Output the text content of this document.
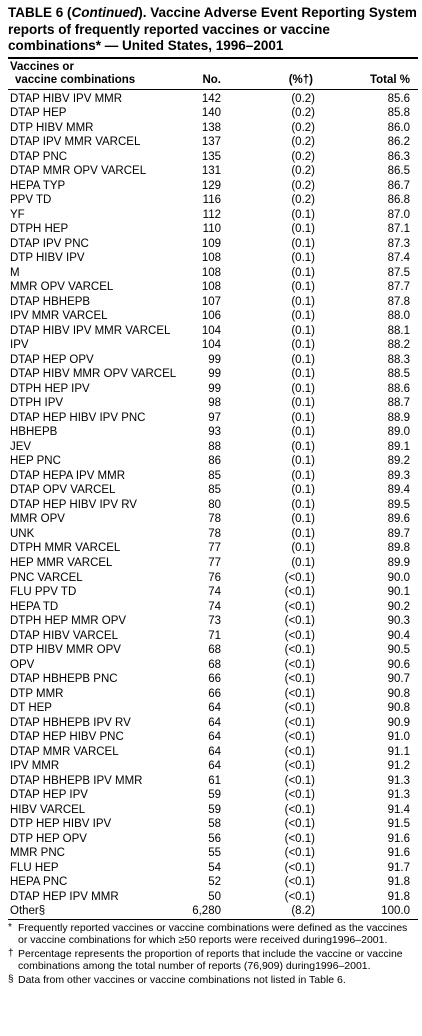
TABLE 6 (Continued). Vaccine Adverse Event Reporting System reports of frequently reported vaccines or vaccine combinations* — United States, 1996–2001
Vaccines or
vaccine combinations	No.	(%†)	Total %
DTAP HIBV IPV MMR	142	(0.2)	85.6
DTAP HEP	140	(0.2)	85.8
DTP HIBV MMR	138	(0.2)	86.0
DTAP IPV MMR VARCEL	137	(0.2)	86.2
DTAP PNC	135	(0.2)	86.3
DTAP MMR OPV VARCEL	131	(0.2)	86.5
HEPA TYP	129	(0.2)	86.7
PPV TD	116	(0.2)	86.8
YF	112	(0.1)	87.0
DTPH HEP	110	(0.1)	87.1
DTAP IPV PNC	109	(0.1)	87.3
DTP HIBV IPV	108	(0.1)	87.4
M	108	(0.1)	87.5
MMR OPV VARCEL	108	(0.1)	87.7
DTAP HBHEPB	107	(0.1)	87.8
IPV MMR VARCEL	106	(0.1)	88.0
DTAP HIBV IPV MMR VARCEL	104	(0.1)	88.1
IPV	104	(0.1)	88.2
DTAP HEP OPV	99	(0.1)	88.3
DTAP HIBV MMR OPV VARCEL	99	(0.1)	88.5
DTPH HEP IPV	99	(0.1)	88.6
DTPH IPV	98	(0.1)	88.7
DTAP HEP HIBV IPV PNC	97	(0.1)	88.9
HBHEPB	93	(0.1)	89.0
JEV	88	(0.1)	89.1
HEP PNC	86	(0.1)	89.2
DTAP HEPA IPV MMR	85	(0.1)	89.3
DTAP OPV VARCEL	85	(0.1)	89.4
DTAP HEP HIBV IPV RV	80	(0.1)	89.5
MMR OPV	78	(0.1)	89.6
UNK	78	(0.1)	89.7
DTPH MMR VARCEL	77	(0.1)	89.8
HEP MMR VARCEL	77	(0.1)	89.9
PNC VARCEL	76	(<0.1)	90.0
FLU PPV TD	74	(<0.1)	90.1
HEPA TD	74	(<0.1)	90.2
DTPH HEP MMR OPV	73	(<0.1)	90.3
DTAP HIBV VARCEL	71	(<0.1)	90.4
DTP HIBV MMR OPV	68	(<0.1)	90.5
OPV	68	(<0.1)	90.6
DTAP HBHEPB PNC	66	(<0.1)	90.7
DTP MMR	66	(<0.1)	90.8
DT HEP	64	(<0.1)	90.8
DTAP HBHEPB IPV RV	64	(<0.1)	90.9
DTAP HEP HIBV PNC	64	(<0.1)	91.0
DTAP MMR VARCEL	64	(<0.1)	91.1
IPV MMR	64	(<0.1)	91.2
DTAP HBHEPB IPV MMR	61	(<0.1)	91.3
DTAP HEP IPV	59	(<0.1)	91.3
HIBV VARCEL	59	(<0.1)	91.4
DTP HEP HIBV IPV	58	(<0.1)	91.5
DTP HEP OPV	56	(<0.1)	91.6
MMR PNC	55	(<0.1)	91.6
FLU HEP	54	(<0.1)	91.7
HEPA PNC	52	(<0.1)	91.8
DTAP HEP IPV MMR	50	(<0.1)	91.8
Other§	6,280	(8.2)	100.0
* Frequently reported vaccines or vaccine combinations were defined as the vaccines or vaccine combinations for which ≥50 reports were received during1996–2001.
† Percentage represents the proportion of reports that include the vaccine or vaccine combinations among the total number of reports (76,909) during1996–2001.
§ Data from other vaccines or vaccine combinations not listed in Table 6.
